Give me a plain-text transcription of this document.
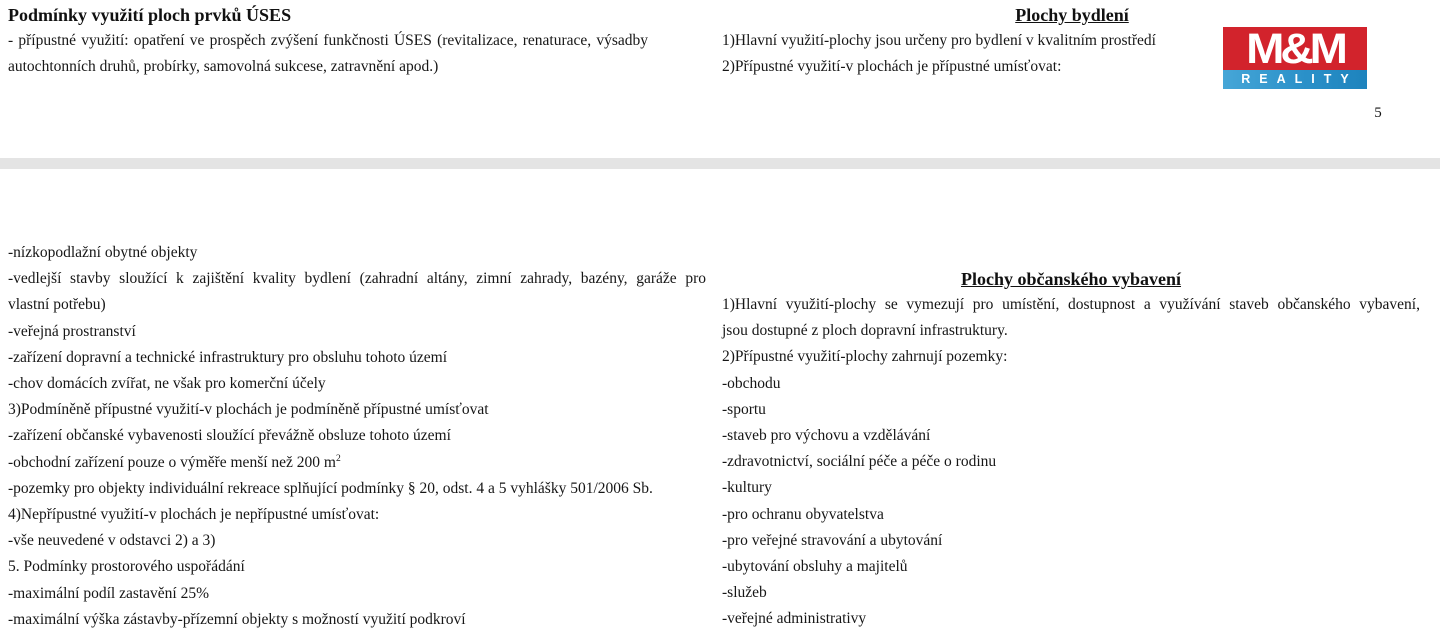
Podmínky využití ploch prvků ÚSES
- přípustné využití: opatření ve prospěch zvýšení funkčnosti ÚSES (revitalizace, renaturace, výsadby
autochtonních druhů, probírky, samovolná sukcese, zatravnění apod.)
Plochy bydlení
1)Hlavní využití-plochy jsou určeny pro bydlení v kvalitním prostředí
2)Přípustné využití-v plochách je přípustné umísťovat:	M&M
REALITY
5
-nízkopodlažní obytné objekty
-vedlejší stavby sloužící k zajištění kvality bydlení (zahradní altány, zimní zahrady, bazény, garáže pro
vlastní potřebu)
-veřejná prostranství
-zařízení dopravní a technické infrastruktury pro obsluhu tohoto území
-chov domácích zvířat, ne však pro komerční účely
3)Podmíněně přípustné využití-v plochách je podmíněně přípustné umísťovat
-zařízení občanské vybavenosti sloužící převážně obsluze tohoto území
-obchodní zařízení pouze o výměře menší než 200 $m^2$
-pozemky pro objekty individuální rekreace splňující podmínky § 20, odst. 4 a 5 vyhlášky 501/2006 Sb.
4)Nepřípustné využití-v plochách je nepřípustné umísťovat:
-vše neuvedené v odstavci 2) a 3)
5. Podmínky prostorového uspořádání
-maximální podíl zastavění 25%
-maximální výška zástavby-přízemní objekty s možností využití podkroví
Plochy občanského vybavení
1)Hlavní využití-plochy se vymezují pro umístění, dostupnost a využívání staveb občanského vybavení,
jsou dostupné z ploch dopravní infrastruktury.
2)Přípustné využití-plochy zahrnují pozemky:
-obchodu
-sportu
-staveb pro výchovu a vzdělávání
-zdravotnictví, sociální péče a péče o rodinu
-kultury
-pro ochranu obyvatelstva
-pro veřejné stravování a ubytování
-ubytování obsluhy a majitelů
-služeb
-veřejné administrativy
